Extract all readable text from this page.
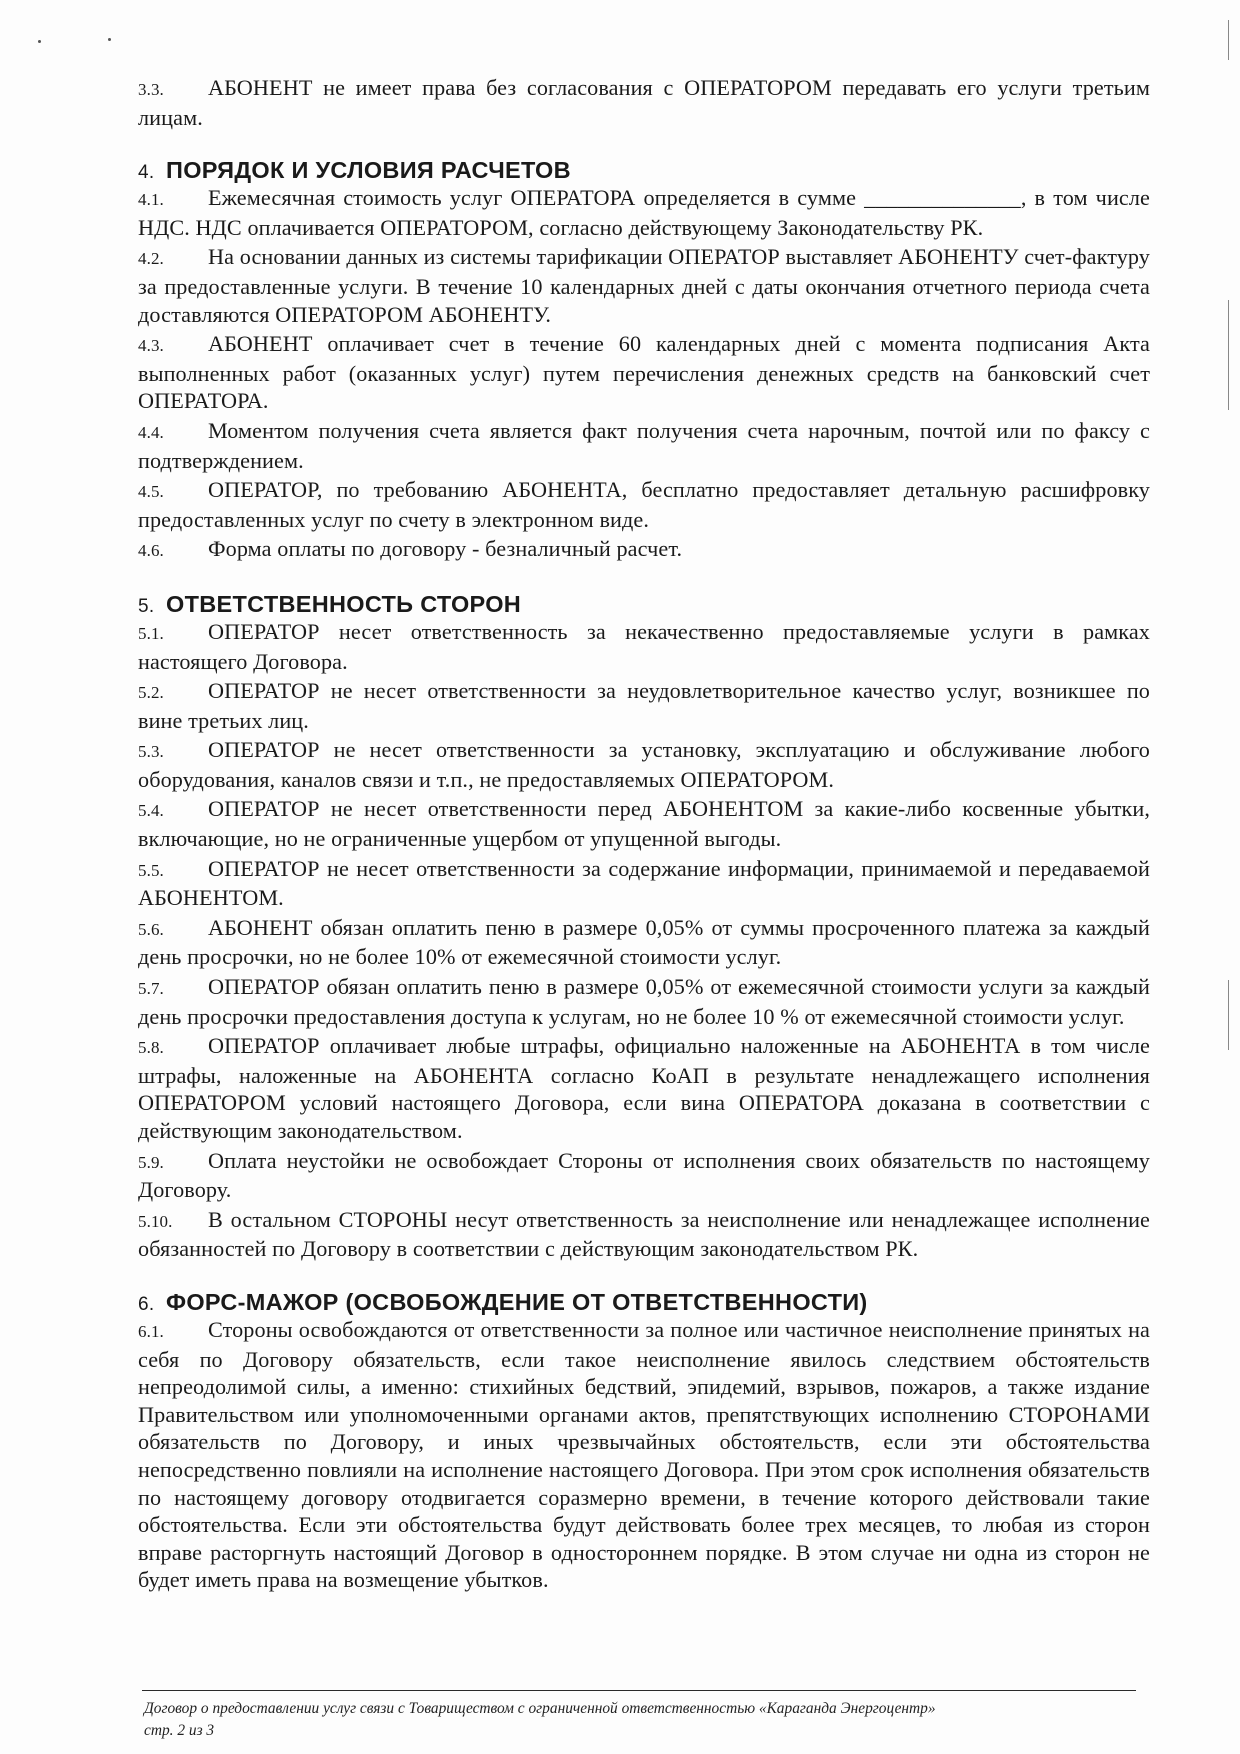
3.3. АБОНЕНТ не имеет права без согласования с ОПЕРАТОРОМ передавать его услуги третьим лицам.

4. ПОРЯДОК И УСЛОВИЯ РАСЧЕТОВ

4.1. Ежемесячная стоимость услуг ОПЕРАТОРА определяется в сумме ______________, в том числе НДС. НДС оплачивается ОПЕРАТОРОМ, согласно действующему Законодательству РК.

4.2. На основании данных из системы тарификации ОПЕРАТОР выставляет АБОНЕНТУ счет-фактуру за предоставленные услуги. В течение 10 календарных дней с даты окончания отчетного периода счета доставляются ОПЕРАТОРОМ АБОНЕНТУ.

4.3. АБОНЕНТ оплачивает счет в течение 60 календарных дней с момента подписания Акта выполненных работ (оказанных услуг) путем перечисления денежных средств на банковский счет ОПЕРАТОРА.

4.4. Моментом получения счета является факт получения счета нарочным, почтой или по факсу с подтверждением.

4.5. ОПЕРАТОР, по требованию АБОНЕНТА, бесплатно предоставляет детальную расшифровку предоставленных услуг по счету в электронном виде.

4.6. Форма оплаты по договору - безналичный расчет.

5. ОТВЕТСТВЕННОСТЬ СТОРОН

5.1. ОПЕРАТОР несет ответственность за некачественно предоставляемые услуги в рамках настоящего Договора.

5.2. ОПЕРАТОР не несет ответственности за неудовлетворительное качество услуг, возникшее по вине третьих лиц.

5.3. ОПЕРАТОР не несет ответственности за установку, эксплуатацию и обслуживание любого оборудования, каналов связи и т.п., не предоставляемых ОПЕРАТОРОМ.

5.4. ОПЕРАТОР не несет ответственности перед АБОНЕНТОМ за какие-либо косвенные убытки, включающие, но не ограниченные ущербом от упущенной выгоды.

5.5. ОПЕРАТОР не несет ответственности за содержание информации, принимаемой и передаваемой АБОНЕНТОМ.

5.6. АБОНЕНТ обязан оплатить пеню в размере 0,05% от суммы просроченного платежа за каждый день просрочки, но не более 10% от ежемесячной стоимости услуг.

5.7. ОПЕРАТОР обязан оплатить пеню в размере 0,05% от ежемесячной стоимости услуги за каждый день просрочки предоставления доступа к услугам, но не более 10 % от ежемесячной стоимости услуг.

5.8. ОПЕРАТОР оплачивает любые штрафы, официально наложенные на АБОНЕНТА в том числе штрафы, наложенные на АБОНЕНТА согласно КоАП в результате ненадлежащего исполнения ОПЕРАТОРОМ условий настоящего Договора, если вина ОПЕРАТОРА доказана в соответствии с действующим законодательством.

5.9. Оплата неустойки не освобождает Стороны от исполнения своих обязательств по настоящему Договору.

5.10. В остальном СТОРОНЫ несут ответственность за неисполнение или ненадлежащее исполнение обязанностей по Договору в соответствии с действующим законодательством РК.

6. ФОРС-МАЖОР (ОСВОБОЖДЕНИЕ ОТ ОТВЕТСТВЕННОСТИ)

6.1. Стороны освобождаются от ответственности за полное или частичное неисполнение принятых на себя по Договору обязательств, если такое неисполнение явилось следствием обстоятельств непреодолимой силы, а именно: стихийных бедствий, эпидемий, взрывов, пожаров, а также издание Правительством или уполномоченными органами актов, препятствующих исполнению СТОРОНАМИ обязательств по Договору, и иных чрезвычайных обстоятельств, если эти обстоятельства непосредственно повлияли на исполнение настоящего Договора. При этом срок исполнения обязательств по настоящему договору отодвигается соразмерно времени, в течение которого действовали такие обстоятельства. Если эти обстоятельства будут действовать более трех месяцев, то любая из сторон вправе расторгнуть настоящий Договор в одностороннем порядке. В этом случае ни одна из сторон не будет иметь права на возмещение убытков.

Договор о предоставлении услуг связи с Товариществом с ограниченной ответственностью «Караганда Энергоцентр»
стр. 2 из 3
